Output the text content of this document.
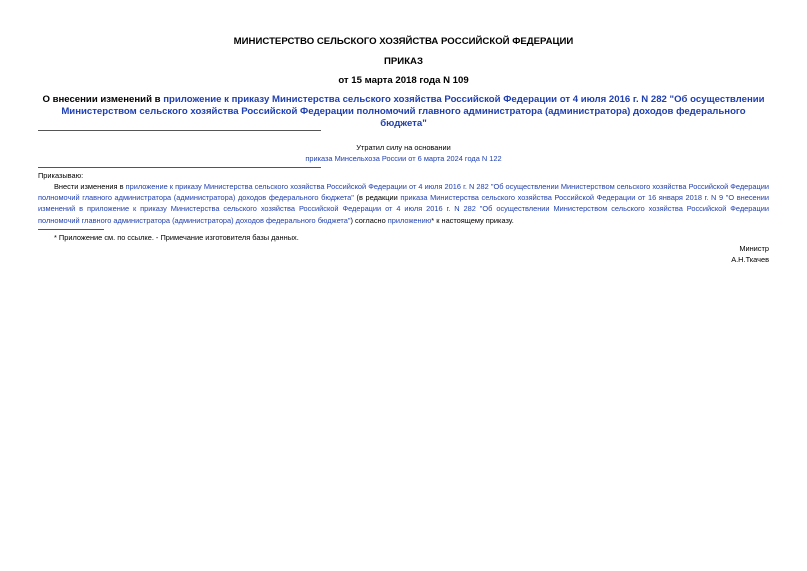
МИНИСТЕРСТВО СЕЛЬСКОГО ХОЗЯЙСТВА РОССИЙСКОЙ ФЕДЕРАЦИИ
ПРИКАЗ
от 15 марта 2018 года N 109
О внесении изменений в приложение к приказу Министерства сельского хозяйства Российской Федерации от 4 июля 2016 г. N 282 "Об осуществлении Министерством сельского хозяйства Российской Федерации полномочий главного администратора (администратора) доходов федерального бюджета"
Утратил силу на основании
приказа Минсельхоза России от 6 марта 2024 года N 122
Приказываю:
Внести изменения в приложение к приказу Министерства сельского хозяйства Российской Федерации от 4 июля 2016 г. N 282 "Об осуществлении Министерством сельского хозяйства Российской Федерации полномочий главного администратора (администратора) доходов федерального бюджета" (в редакции приказа Министерства сельского хозяйства Российской Федерации от 16 января 2018 г. N 9 "О внесении изменений в приложение к приказу Министерства сельского хозяйства Российской Федерации от 4 июля 2016 г. N 282 "Об осуществлении Министерством сельского хозяйства Российской Федерации полномочий главного администратора (администратора) доходов федерального бюджета") согласно приложению* к настоящему приказу.
* Приложение см. по ссылке. - Примечание изготовителя базы данных.
Министр
А.Н.Ткачев
